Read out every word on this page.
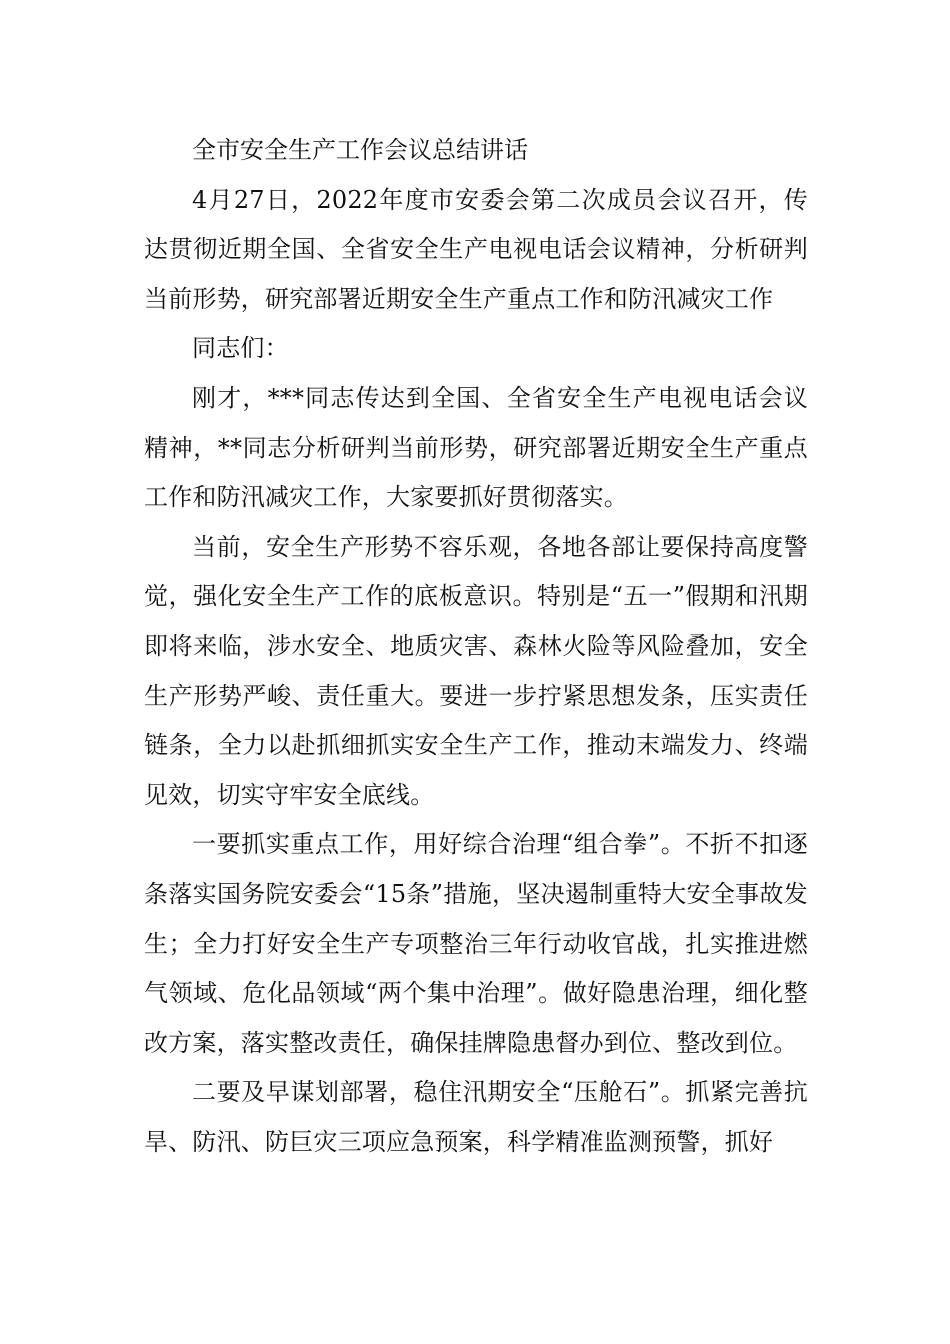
全市安全生产工作会议总结讲话

4月27日，2022年度市安委会第二次成员会议召开，传达贯彻近期全国、全省安全生产电视电话会议精神，分析研判当前形势，研究部署近期安全生产重点工作和防汛减灾工作

同志们：

刚才，***同志传达到全国、全省安全生产电视电话会议精神，**同志分析研判当前形势，研究部署近期安全生产重点工作和防汛减灾工作，大家要抓好贯彻落实。

当前，安全生产形势不容乐观，各地各部让要保持高度警觉，强化安全生产工作的底板意识。特别是“五一”假期和汛期即将来临，涉水安全、地质灾害、森林火险等风险叠加，安全生产形势严峻、责任重大。要进一步拧紧思想发条，压实责任链条，全力以赴抓细抓实安全生产工作，推动末端发力、终端见效，切实守牢安全底线。

一要抓实重点工作，用好综合治理“组合拳”。不折不扣逐条落实国务院安委会“15条”措施，坚决遏制重特大安全事故发生；全力打好安全生产专项整治三年行动收官战，扎实推进燃气领域、危化品领域“两个集中治理”。做好隐患治理，细化整改方案，落实整改责任，确保挂牌隐患督办到位、整改到位。

二要及早谋划部署，稳住汛期安全“压舱石”。抓紧完善抗旱、防汛、防巨灾三项应急预案，科学精准监测预警，抓好
